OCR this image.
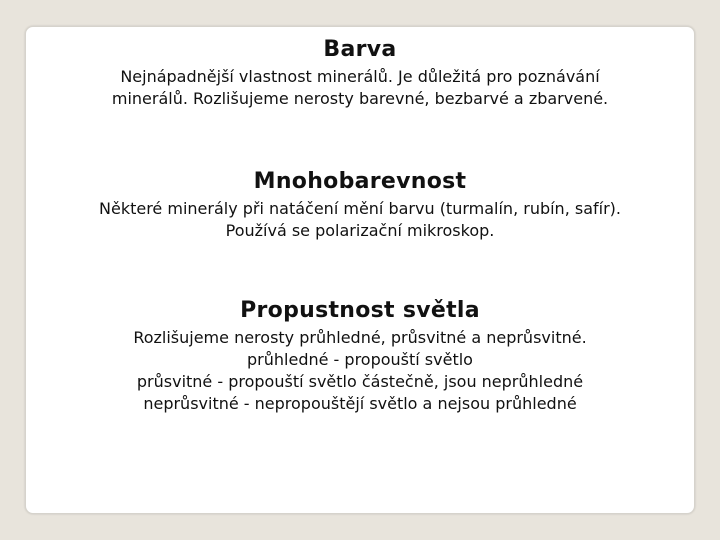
Barva
Nejnápadnější vlastnost minerálů. Je důležitá pro poznávání
minerálů. Rozlišujeme nerosty barevné, bezbarvé a zbarvené.
Mnohobarevnost
Některé minerály při natáčení mění barvu (turmalín, rubín, safír).
Používá se polarizační mikroskop.
Propustnost světla
Rozlišujeme nerosty průhledné, průsvitné a neprůsvitné.
průhledné - propouští světlo
průsvitné - propouští světlo částečně, jsou neprůhledné
neprůsvitné - nepropouštějí světlo a nejsou průhledné
